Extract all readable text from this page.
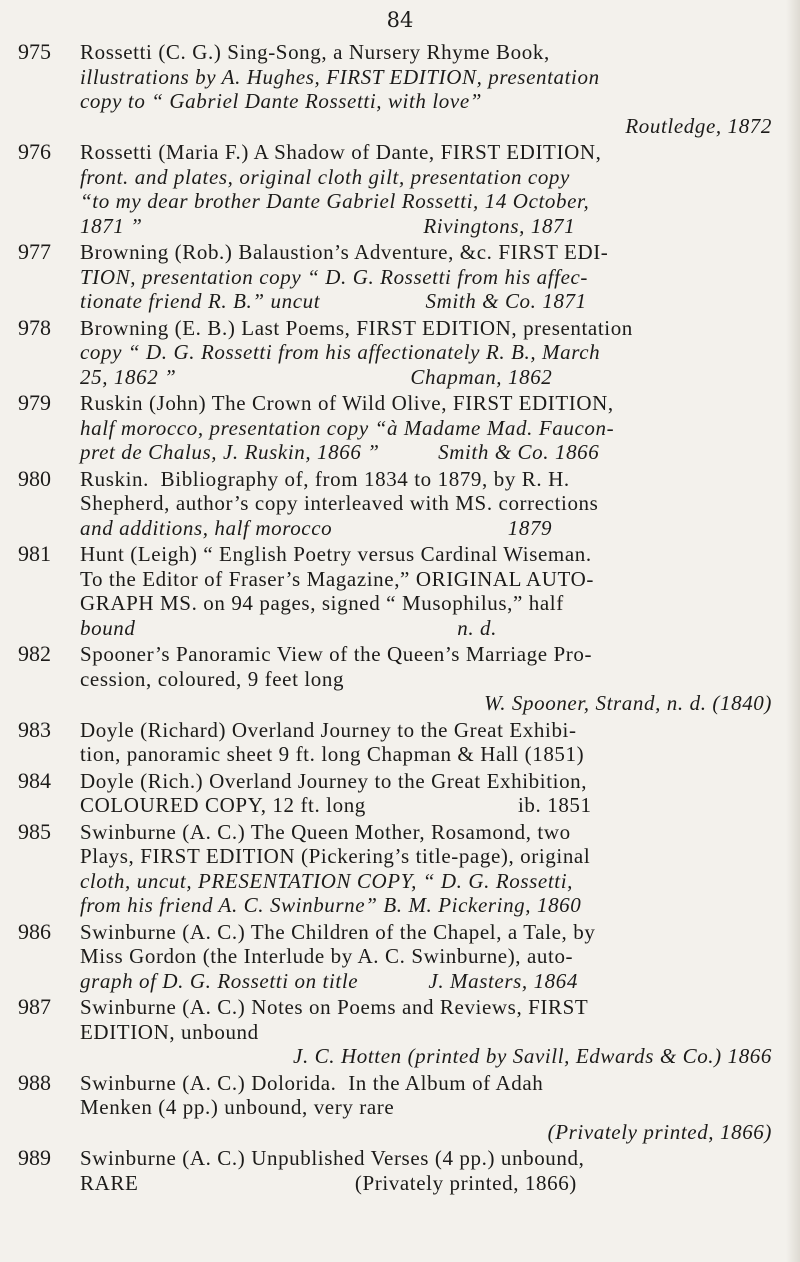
84
975 Rossetti (C. G.) Sing-Song, a Nursery Rhyme Book,
illustrations by A. Hughes, FIRST EDITION, presentation
copy to “ Gabriel Dante Rossetti, with love”
Routledge, 1872
976 Rossetti (Maria F.) A Shadow of Dante, FIRST EDITION,
front. and plates, original cloth gilt, presentation copy
“to my dear brother Dante Gabriel Rossetti, 14 October,
1871 ”                                                Rivingtons, 1871
977 Browning (Rob.) Balaustion’s Adventure, &c. FIRST EDI-
TION, presentation copy “ D. G. Rossetti from his affec-
tionate friend R. B.” uncut                  Smith & Co. 1871
978 Browning (E. B.) Last Poems, FIRST EDITION, presentation
copy “ D. G. Rossetti from his affectionately R. B., March
25, 1862 ”                                        Chapman, 1862
979 Ruskin (John) The Crown of Wild Olive, FIRST EDITION,
half morocco, presentation copy “à Madame Mad. Faucon-
pret de Chalus, J. Ruskin, 1866 ”          Smith & Co. 1866
980 Ruskin.  Bibliography of, from 1834 to 1879, by R. H.
Shepherd, author’s copy interleaved with MS. corrections
and additions, half morocco                              1879
981 Hunt (Leigh) “ English Poetry versus Cardinal Wiseman.
To the Editor of Fraser’s Magazine,” ORIGINAL AUTO-
GRAPH MS. on 94 pages, signed “ Musophilus,” half
bound                                                       n. d.
982 Spooner’s Panoramic View of the Queen’s Marriage Pro-
cession, coloured, 9 feet long
W. Spooner, Strand, n. d. (1840)
983 Doyle (Richard) Overland Journey to the Great Exhibi-
tion, panoramic sheet 9 ft. long Chapman & Hall (1851)
984 Doyle (Rich.) Overland Journey to the Great Exhibition,
COLOURED COPY, 12 ft. long                          ib. 1851
985 Swinburne (A. C.) The Queen Mother, Rosamond, two
Plays, FIRST EDITION (Pickering’s title-page), original
cloth, uncut, PRESENTATION COPY, “ D. G. Rossetti,
from his friend A. C. Swinburne” B. M. Pickering, 1860
986 Swinburne (A. C.) The Children of the Chapel, a Tale, by
Miss Gordon (the Interlude by A. C. Swinburne), auto-
graph of D. G. Rossetti on title            J. Masters, 1864
987 Swinburne (A. C.) Notes on Poems and Reviews, FIRST
EDITION, unbound
J. C. Hotten (printed by Savill, Edwards & Co.) 1866
988 Swinburne (A. C.) Dolorida.  In the Album of Adah
Menken (4 pp.) unbound, very rare
(Privately printed, 1866)
989 Swinburne (A. C.) Unpublished Verses (4 pp.) unbound,
RARE                                     (Privately printed, 1866)
